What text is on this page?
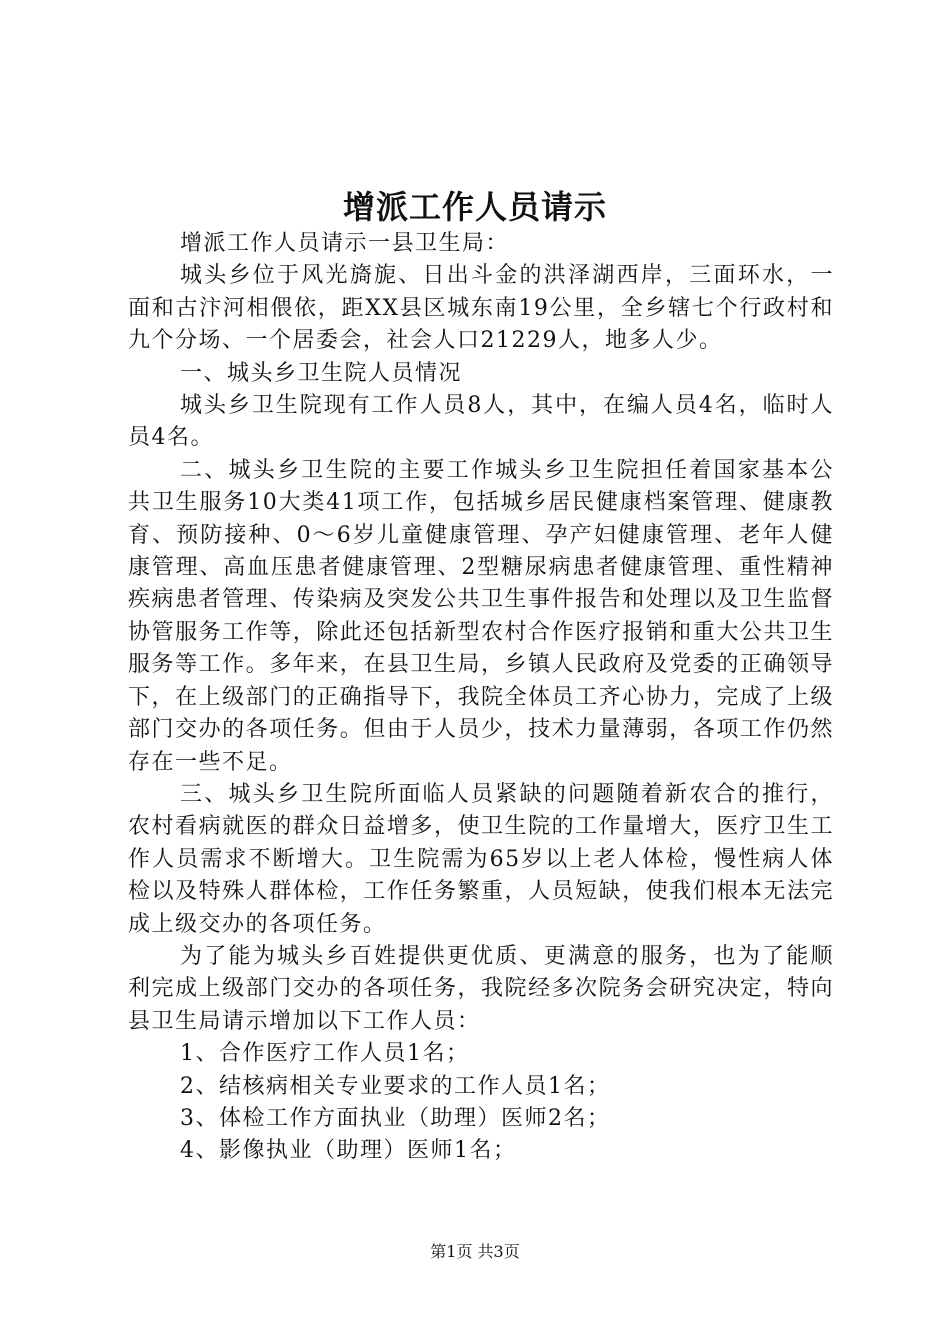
增派工作人员请示

增派工作人员请示一县卫生局：

城头乡位于风光旖旎、日出斗金的洪泽湖西岸，三面环水，一面和古汴河相偎依，距XX县区城东南19公里，全乡辖七个行政村和九个分场、一个居委会，社会人口21229人，地多人少。

一、城头乡卫生院人员情况

城头乡卫生院现有工作人员8人，其中，在编人员4名，临时人员4名。

二、城头乡卫生院的主要工作城头乡卫生院担任着国家基本公共卫生服务10大类41项工作，包括城乡居民健康档案管理、健康教育、预防接种、0～6岁儿童健康管理、孕产妇健康管理、老年人健康管理、高血压患者健康管理、2型糖尿病患者健康管理、重性精神疾病患者管理、传染病及突发公共卫生事件报告和处理以及卫生监督协管服务工作等，除此还包括新型农村合作医疗报销和重大公共卫生服务等工作。多年来，在县卫生局，乡镇人民政府及党委的正确领导下，在上级部门的正确指导下，我院全体员工齐心协力，完成了上级部门交办的各项任务。但由于人员少，技术力量薄弱，各项工作仍然存在一些不足。

三、城头乡卫生院所面临人员紧缺的问题随着新农合的推行，农村看病就医的群众日益增多，使卫生院的工作量增大，医疗卫生工作人员需求不断增大。卫生院需为65岁以上老人体检，慢性病人体检以及特殊人群体检，工作任务繁重，人员短缺，使我们根本无法完成上级交办的各项任务。

为了能为城头乡百姓提供更优质、更满意的服务，也为了能顺利完成上级部门交办的各项任务，我院经多次院务会研究决定，特向县卫生局请示增加以下工作人员：

1、合作医疗工作人员1名；

2、结核病相关专业要求的工作人员1名；

3、体检工作方面执业（助理）医师2名；

4、影像执业（助理）医师1名；

第1页 共3页
